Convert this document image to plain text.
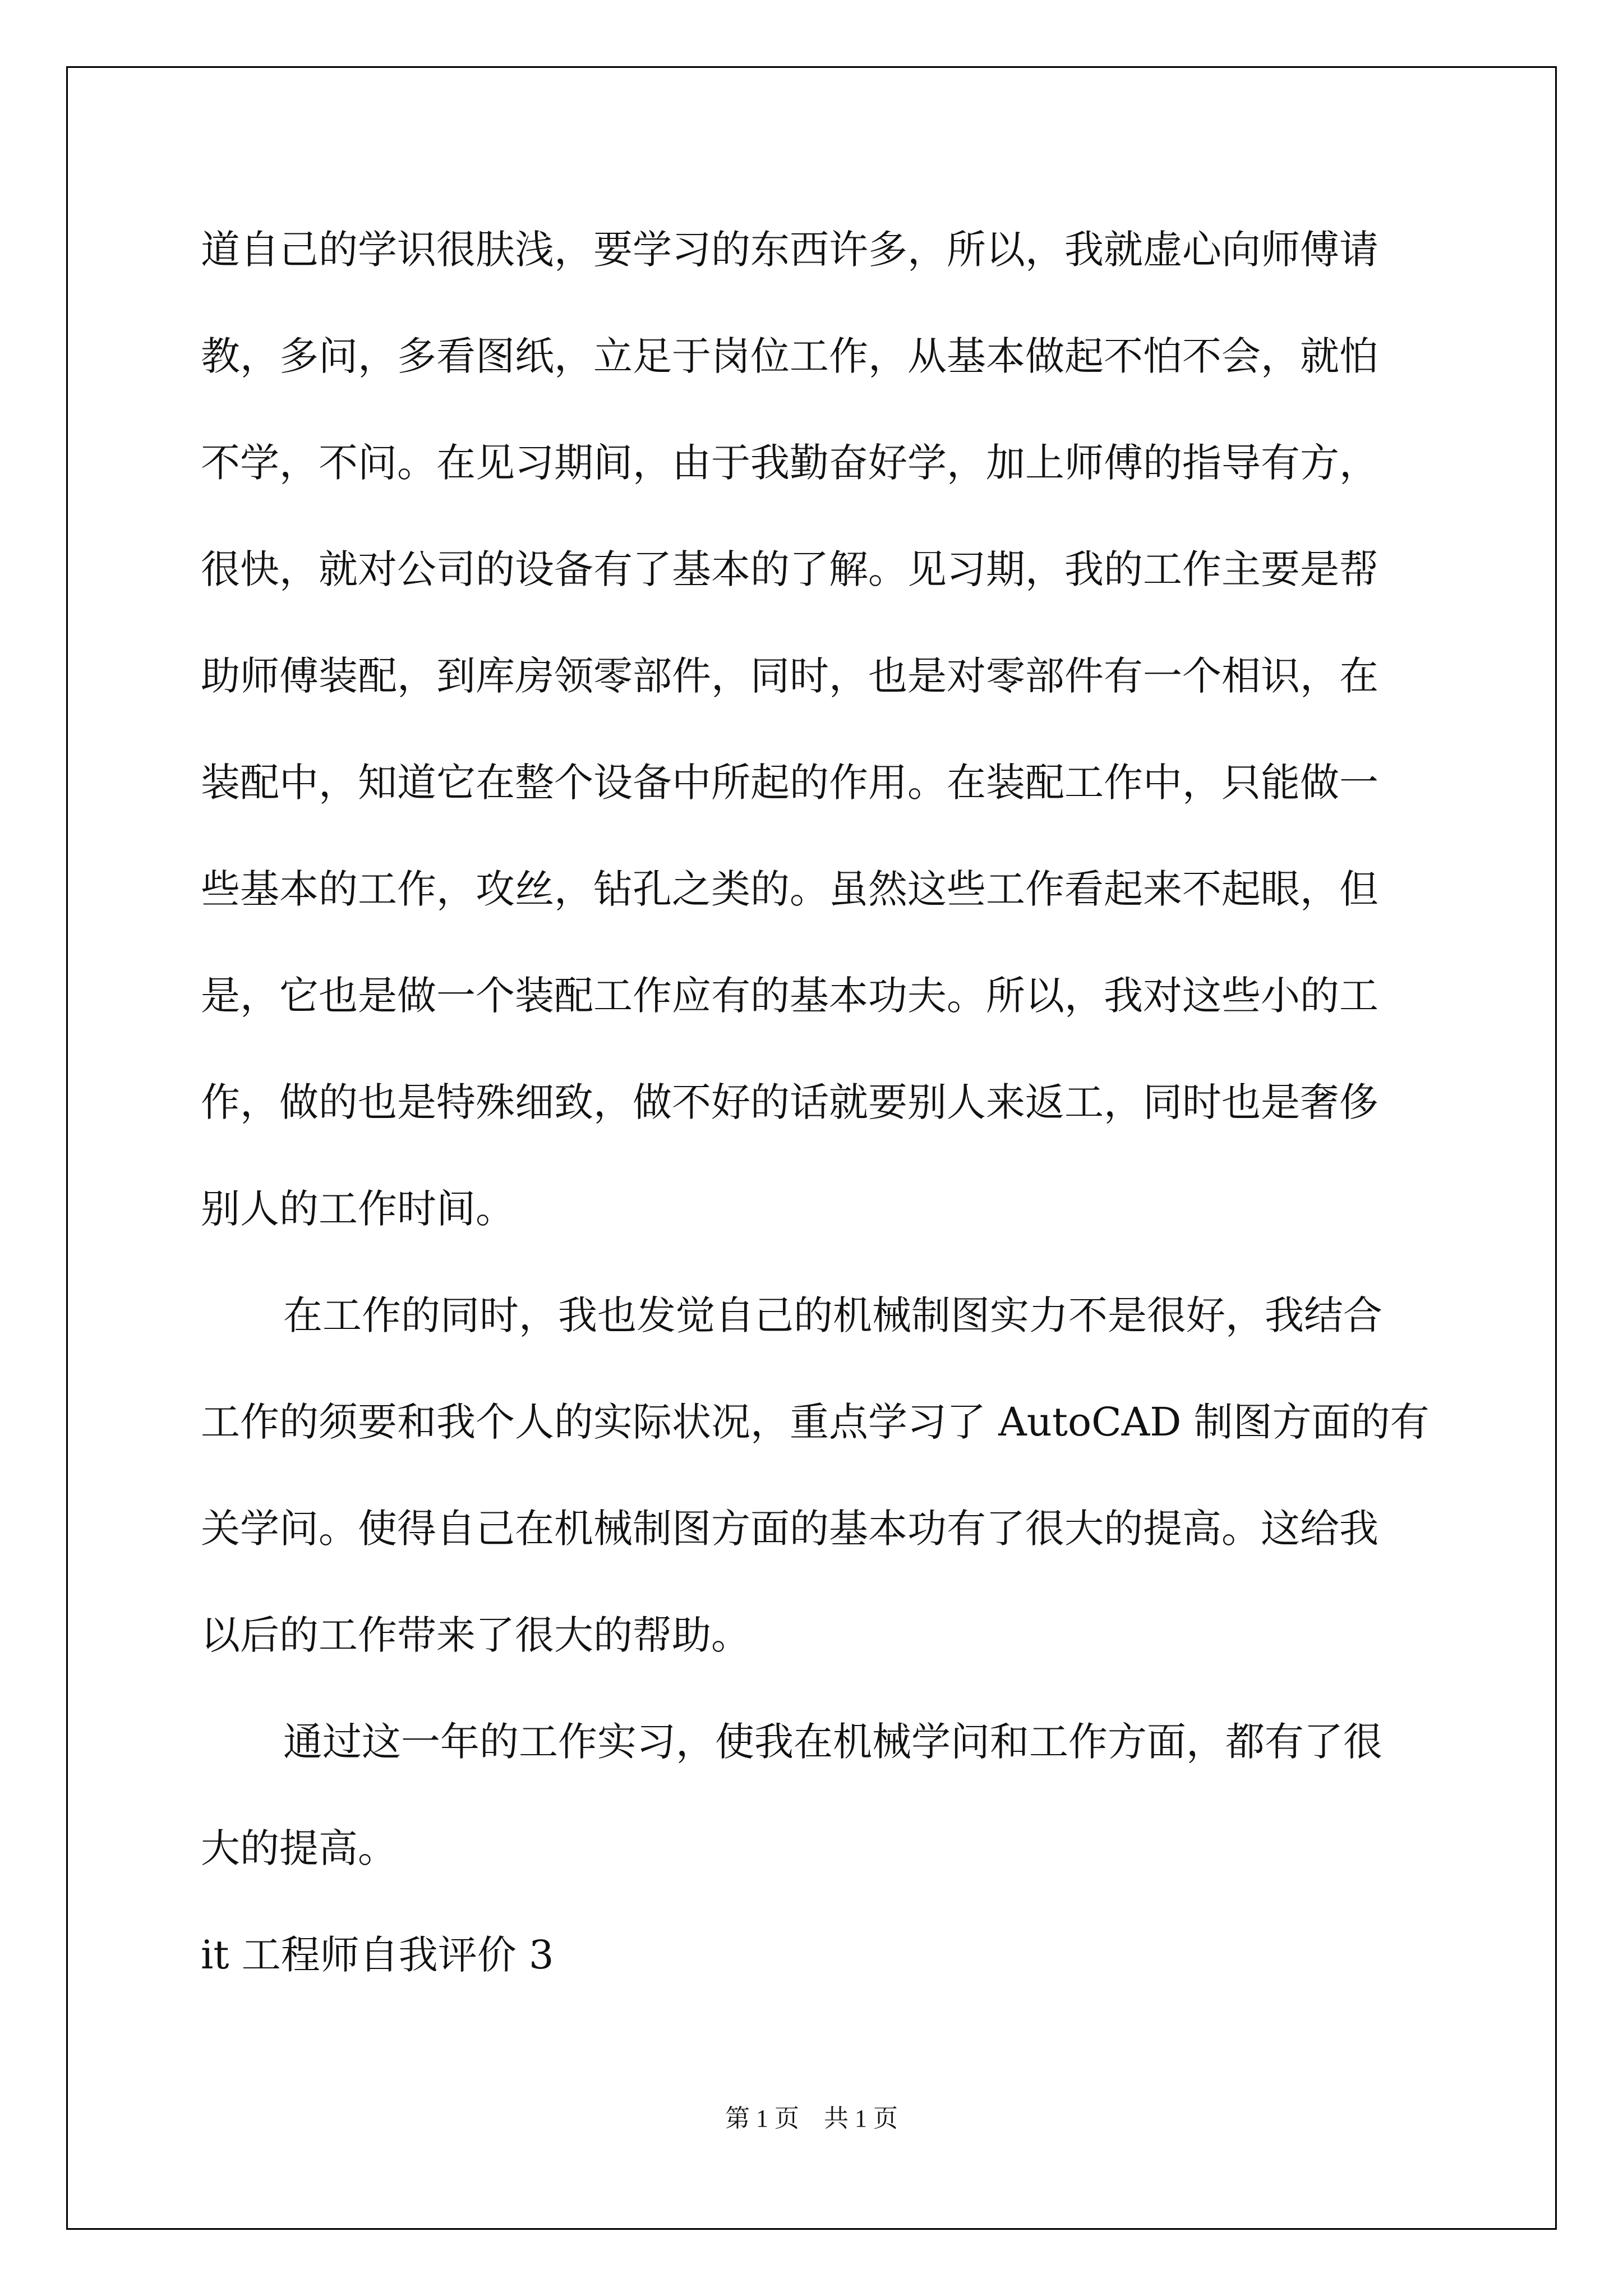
道自己的学识很肤浅，要学习的东西许多，所以，我就虚心向师傅请

教，多问，多看图纸，立足于岗位工作，从基本做起不怕不会，就怕

不学，不问。在见习期间，由于我勤奋好学，加上师傅的指导有方，

很快，就对公司的设备有了基本的了解。见习期，我的工作主要是帮

助师傅装配，到库房领零部件，同时，也是对零部件有一个相识，在

装配中，知道它在整个设备中所起的作用。在装配工作中，只能做一

些基本的工作，攻丝，钻孔之类的。虽然这些工作看起来不起眼，但

是，它也是做一个装配工作应有的基本功夫。所以，我对这些小的工

作，做的也是特殊细致，做不好的话就要别人来返工，同时也是奢侈

别人的工作时间。

在工作的同时，我也发觉自己的机械制图实力不是很好，我结合

工作的须要和我个人的实际状况，重点学习了 AutoCAD 制图方面的有

关学问。使得自己在机械制图方面的基本功有了很大的提高。这给我

以后的工作带来了很大的帮助。

通过这一年的工作实习，使我在机械学问和工作方面，都有了很

大的提高。

it 工程师自我评价 3

第 1 页　共 1 页
